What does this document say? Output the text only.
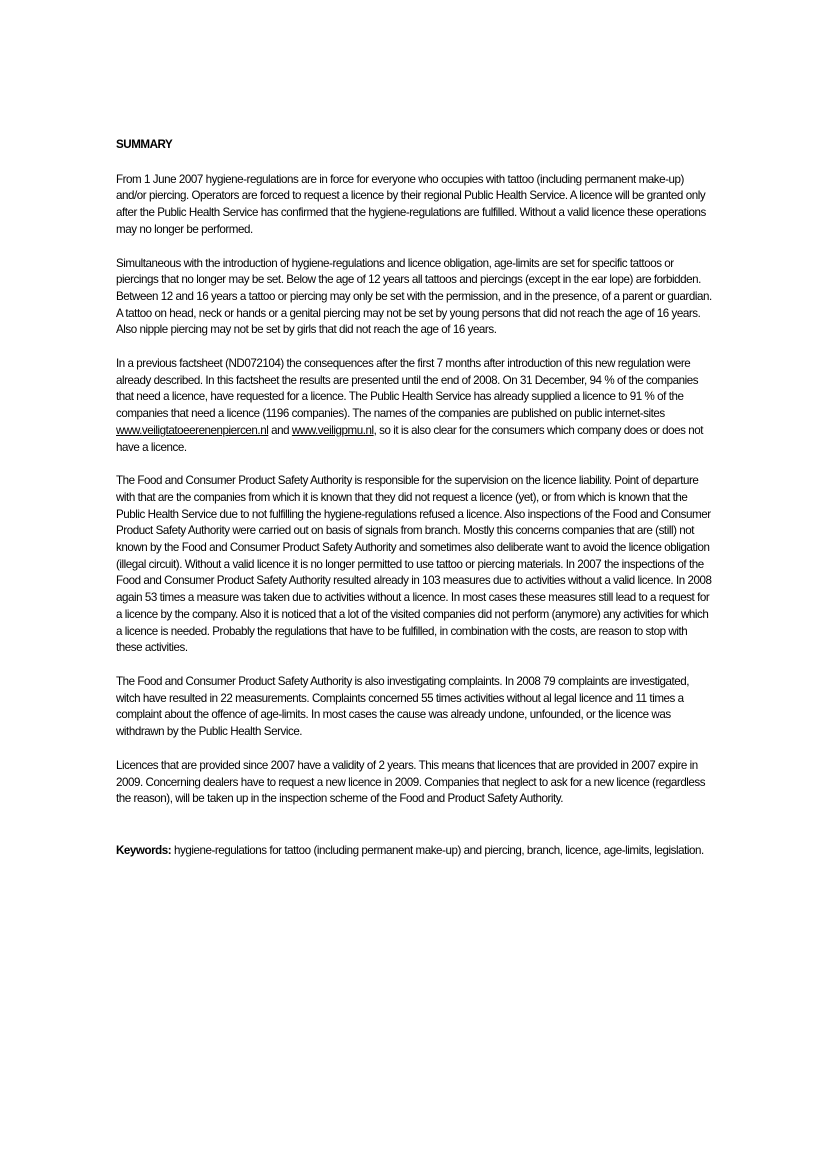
SUMMARY

From 1 June 2007 hygiene-regulations are in force for everyone who occupies with tattoo (including permanent make-up) and/or piercing. Operators are forced to request a licence by their regional Public Health Service. A licence will be granted only after the Public Health Service has confirmed that the hygiene-regulations are fulfilled. Without a valid licence these operations may no longer be performed.

Simultaneous with the introduction of hygiene-regulations and licence obligation, age-limits are set for specific tattoos or piercings that no longer may be set. Below the age of 12 years all tattoos and piercings (except in the ear lope) are forbidden. Between 12 and 16 years a tattoo or piercing may only be set with the permission, and in the presence, of a parent or guardian. A tattoo on head, neck or hands or a genital piercing may not be set by young persons that did not reach the age of 16 years. Also nipple piercing may not be set by girls that did not reach the age of 16 years.

In a previous factsheet (ND072104) the consequences after the first 7 months after introduction of this new regulation were already described. In this factsheet the results are presented until the end of 2008. On 31 December, 94 % of the companies that need a licence, have requested for a licence. The Public Health Service has already supplied a licence to 91 % of the companies that need a licence (1196 companies). The names of the companies are published on public internet-sites www.veiligtatoeerenenpiercen.nl and www.veiligpmu.nl, so it is also clear for the consumers which company does or does not have a licence.

The Food and Consumer Product Safety Authority is responsible for the supervision on the licence liability. Point of departure with that are the companies from which it is known that they did not request a licence (yet), or from which is known that the Public Health Service due to not fulfilling the hygiene-regulations refused a licence. Also inspections of the Food and Consumer Product Safety Authority were carried out on basis of signals from branch. Mostly this concerns companies that are (still) not known by the Food and Consumer Product Safety Authority and sometimes also deliberate want to avoid the licence obligation (illegal circuit). Without a valid licence it is no longer permitted to use tattoo or piercing materials. In 2007 the inspections of the Food and Consumer Product Safety Authority resulted already in 103 measures due to activities without a valid licence. In 2008 again 53 times a measure was taken due to activities without a licence. In most cases these measures still lead to a request for a licence by the company. Also it is noticed that a lot of the visited companies did not perform (anymore) any activities for which a licence is needed. Probably the regulations that have to be fulfilled, in combination with the costs, are reason to stop with these activities.

The Food and Consumer Product Safety Authority is also investigating complaints. In 2008 79 complaints are investigated, witch have resulted in 22 measurements. Complaints concerned 55 times activities without al legal licence and 11 times a complaint about the offence of age-limits. In most cases the cause was already undone, unfounded, or the licence was withdrawn by the Public Health Service.

Licences that are provided since 2007 have a validity of 2 years. This means that licences that are provided in 2007 expire in 2009. Concerning dealers have to request a new licence in 2009. Companies that neglect to ask for a new licence (regardless the reason), will be taken up in the inspection scheme of the Food and Product Safety Authority.

Keywords: hygiene-regulations for tattoo (including permanent make-up) and piercing, branch, licence, age-limits, legislation.
